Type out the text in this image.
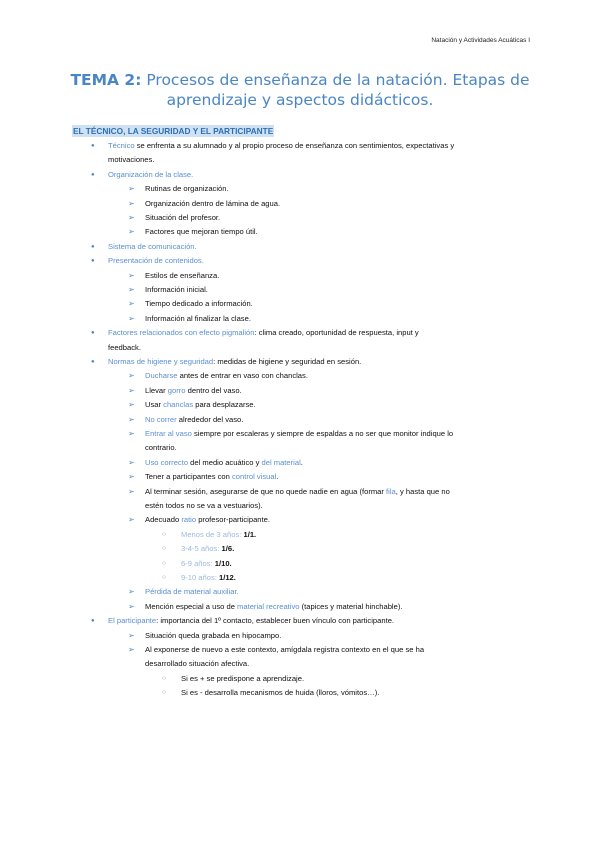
Natación y Actividades Acuáticas I
TEMA 2: Procesos de enseñanza de la natación. Etapas de aprendizaje y aspectos didácticos.
EL TÉCNICO, LA SEGURIDAD Y EL PARTICIPANTE
● Técnico se enfrenta a su alumnado y al propio proceso de enseñanza con sentimientos, expectativas y
motivaciones.
● Organización de la clase.
➢ Rutinas de organización.
➢ Organización dentro de lámina de agua.
➢ Situación del profesor.
➢ Factores que mejoran tiempo útil.
● Sistema de comunicación.
● Presentación de contenidos.
➢ Estilos de enseñanza.
➢ Información inicial.
➢ Tiempo dedicado a información.
➢ Información al finalizar la clase.
● Factores relacionados con efecto pigmalión: clima creado, oportunidad de respuesta, input y
feedback.
● Normas de higiene y seguridad: medidas de higiene y seguridad en sesión.
➢ Ducharse antes de entrar en vaso con chanclas.
➢ Llevar gorro dentro del vaso.
➢ Usar chanclas para desplazarse.
➢ No correr alrededor del vaso.
➢ Entrar al vaso siempre por escaleras y siempre de espaldas a no ser que monitor indique lo
contrario.
➢ Uso correcto del medio acuático y del material.
➢ Tener a participantes con control visual.
➢ Al terminar sesión, asegurarse de que no quede nadie en agua (formar fila, y hasta que no
estén todos no se va a vestuarios).
➢ Adecuado ratio profesor-participante.
○ Menos de 3 años: 1/1.
○ 3-4-5 años: 1/6.
○ 6-9 años: 1/10.
○ 9-10 años: 1/12.
➢ Pérdida de material auxiliar.
➢ Mención especial a uso de material recreativo (tapices y material hinchable).
● El participante: importancia del 1º contacto, establecer buen vínculo con participante.
➢ Situación queda grabada en hipocampo.
➢ Al exponerse de nuevo a este contexto, amígdala registra contexto en el que se ha
desarrollado situación afectiva.
○ Si es + se predispone a aprendizaje.
○ Si es - desarrolla mecanismos de huida (lloros, vómitos…).
